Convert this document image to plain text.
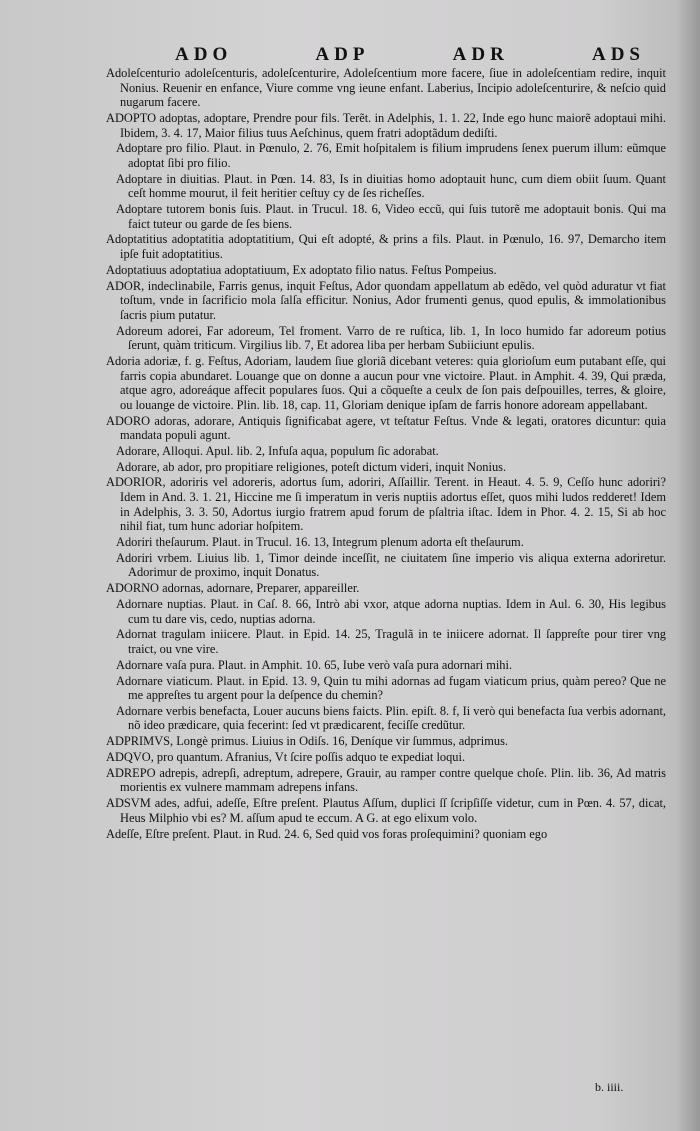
ADO	ADP	ADR	ADS

Adoleſcenturio adoleſcenturis, adoleſcenturire, Adoleſcentium more facere, ſiue in adoleſcentiam redire, inquit Nonius. Reuenir en enfance, Viure comme vng ieune enfant. Laberius, Incipio adoleſcenturire, & neſcio quid nugarum facere.

ADOPTO adoptas, adoptare, Prendre pour fils. Terẽt. in Adelphis, 1. 1. 22, Inde ego hunc maiorẽ adoptaui mihi. Ibidem, 3. 4. 17, Maior filius tuus Aeſchinus, quem fratri adoptãdum dediſti.

Adoptare pro filio. Plaut. in Pœnulo, 2. 76, Emit hoſpitalem is filium imprudens ſenex puerum illum: eũmque adoptat ſibi pro filio.

Adoptare in diuitias. Plaut. in Pœn. 14. 83, Is in diuitias homo adoptauit hunc, cum diem obiit ſuum. Quant ceſt homme mourut, il feit heritier ceſtuy cy de ſes richeſſes.

Adoptare tutorem bonis ſuis. Plaut. in Trucul. 18. 6, Video eccũ, qui ſuis tutorẽ me adoptauit bonis. Qui ma faict tuteur ou garde de ſes biens.

Adoptatitius adoptatitia adoptatitium, Qui eſt adopté, & prins a fils. Plaut. in Pœnulo, 16. 97, Demarcho item ipſe fuit adoptatitius.

Adoptatiuus adoptatiua adoptatiuum, Ex adoptato filio natus. Feſtus Pompeius.

ADOR, indeclinabile, Farris genus, inquit Feſtus, Ador quondam appellatum ab edẽdo, vel quòd aduratur vt fiat toſtum, vnde in ſacrificio mola ſalſa efficitur. Nonius, Ador frumenti genus, quod epulis, & immolationibus ſacris pium putatur.

Adoreum adorei, Far adoreum, Tel froment. Varro de re ruſtica, lib. 1, In loco humido far adoreum potius ſerunt, quàm triticum. Virgilius lib. 7, Et adorea liba per herbam Subiiciunt epulis.

Adoria adoriæ, f. g. Feſtus, Adoriam, laudem ſiue gloriã dicebant veteres: quia glorioſum eum putabant eſſe, qui farris copia abundaret. Louange que on donne a aucun pour vne victoire. Plaut. in Amphit. 4. 39, Qui præda, atque agro, adoreáque affecit populares ſuos. Qui a cõqueſte a ceulx de ſon pais deſpouilles, terres, & gloire, ou louange de victoire. Plin. lib. 18, cap. 11, Gloriam denique ipſam de farris honore adoream appellabant.

ADORO adoras, adorare, Antiquis ſignificabat agere, vt teſtatur Feſtus. Vnde & legati, oratores dicuntur: quia mandata populi agunt.

Adorare, Alloqui. Apul. lib. 2, Infuſa aqua, populum ſic adorabat.

Adorare, ab ador, pro propitiare religiones, poteſt dictum videri, inquit Nonius.

ADORIOR, adoriris vel adoreris, adortus ſum, adoriri, Aſſaillir. Terent. in Heaut. 4. 5. 9, Ceſſo hunc adoriri? Idem in And. 3. 1. 21, Hiccine me ſi imperatum in veris nuptiis adortus eſſet, quos mihi ludos redderet! Idem in Adelphis, 3. 3. 50, Adortus iurgio fratrem apud forum de pſaltria iſtac. Idem in Phor. 4. 2. 15, Si ab hoc nihil fiat, tum hunc adoriar hoſpitem.

Adoriri theſaurum. Plaut. in Trucul. 16. 13, Integrum plenum adorta eſt theſaurum.

Adoriri vrbem. Liuius lib. 1, Timor deinde inceſſit, ne ciuitatem ſine imperio vis aliqua externa adoriretur. Adorimur de proximo, inquit Donatus.

ADORNO adornas, adornare, Preparer, appareiller.

Adornare nuptias. Plaut. in Caſ. 8. 66, Intrò abi vxor, atque adorna nuptias. Idem in Aul. 6. 30, His legibus cum tu dare vis, cedo, nuptias adorna.

Adornat tragulam iniicere. Plaut. in Epid. 14. 25, Tragulã in te iniicere adornat. Il ſappreſte pour tirer vng traict, ou vne vire.

Adornare vaſa pura. Plaut. in Amphit. 10. 65, Iube verò vaſa pura adornari mihi.

Adornare viaticum. Plaut. in Epid. 13. 9, Quin tu mihi adornas ad fugam viaticum prius, quàm pereo? Que ne me appreſtes tu argent pour la deſpence du chemin?

Adornare verbis benefacta, Louer aucuns biens faicts. Plin. epiſt. 8. f, Ii verò qui benefacta ſua verbis adornant, nõ ideo prædicare, quia fecerint: ſed vt prædicarent, feciſſe credũtur.

ADPRIMVS, Longè primus. Liuius in Odiſs. 16, Deníque vir ſummus, adprimus.

ADQVO, pro quantum. Afranius, Vt ſcire poſſis adquo te expediat loqui.

ADREPO adrepis, adrepſi, adreptum, adrepere, Grauir, au ramper contre quelque choſe. Plin. lib. 36, Ad matris morientis ex vulnere mammam adrepens infans.

ADSVM ades, adfui, adeſſe, Eſtre preſent. Plautus Aſſum, duplici ſſ ſcripſiſſe videtur, cum in Pœn. 4. 57, dicat, Heus Milphio vbi es? M. aſſum apud te eccum. A G. at ego elixum volo.

Adeſſe, Eſtre preſent. Plaut. in Rud. 24. 6, Sed quid vos foras proſequimini? quoniam ego

b. iiii.
